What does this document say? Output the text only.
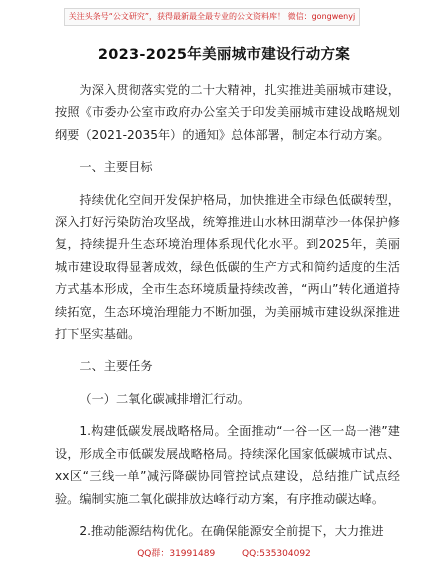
关注头条号“公文研究”，获得最新最全最专业的公文资料库！ 微信：gongwenyj
2023-2025年美丽城市建设行动方案

为深入贯彻落实党的二十大精神，扎实推进美丽城市建设，按照《市委办公室市政府办公室关于印发美丽城市建设战略规划纲要（2021-2035年）的通知》总体部署，制定本行动方案。

一、主要目标

持续优化空间开发保护格局，加快推进全市绿色低碳转型，深入打好污染防治攻坚战，统筹推进山水林田湖草沙一体保护修复，持续提升生态环境治理体系现代化水平。到2025年，美丽城市建设取得显著成效，绿色低碳的生产方式和简约适度的生活方式基本形成，全市生态环境质量持续改善，“两山”转化通道持续拓宽，生态环境治理能力不断加强，为美丽城市建设纵深推进打下坚实基础。

二、主要任务

（一）二氧化碳减排增汇行动。

1.构建低碳发展战略格局。全面推动“一谷一区一岛一港”建设，形成全市低碳发展战略格局。持续深化国家低碳城市试点、xx区“三线一单”减污降碳协同管控试点建设，总结推广试点经验。编制实施二氧化碳排放达峰行动方案，有序推动碳达峰。

2.推动能源结构优化。在确保能源安全前提下，大力推进

QQ群：31991489	QQ:535304092
